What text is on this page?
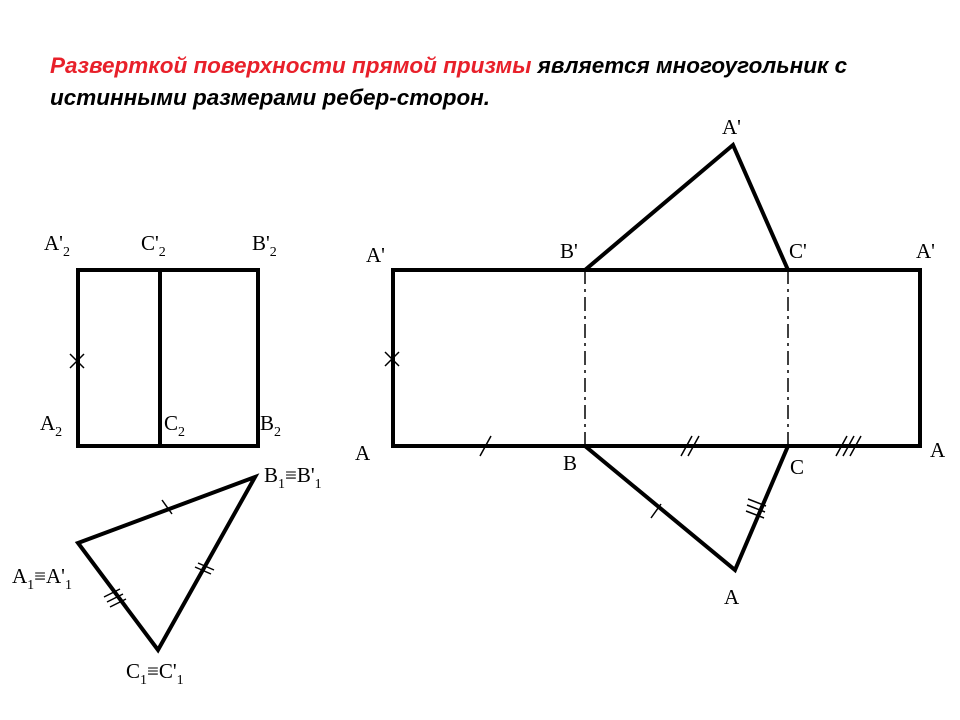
Разверткой поверхности прямой призмы является многоугольник с истинными размерами ребер-сторон.

$A'_2$	$C'_2$	$B'_2$
$A_2$	$C_2$	$B_2$
$B_1\equiv B'_1$
$A_1\equiv A'_1$
$C_1\equiv C'_1$
A'	B'	C'	A'
A'
A	B	C
A
A
